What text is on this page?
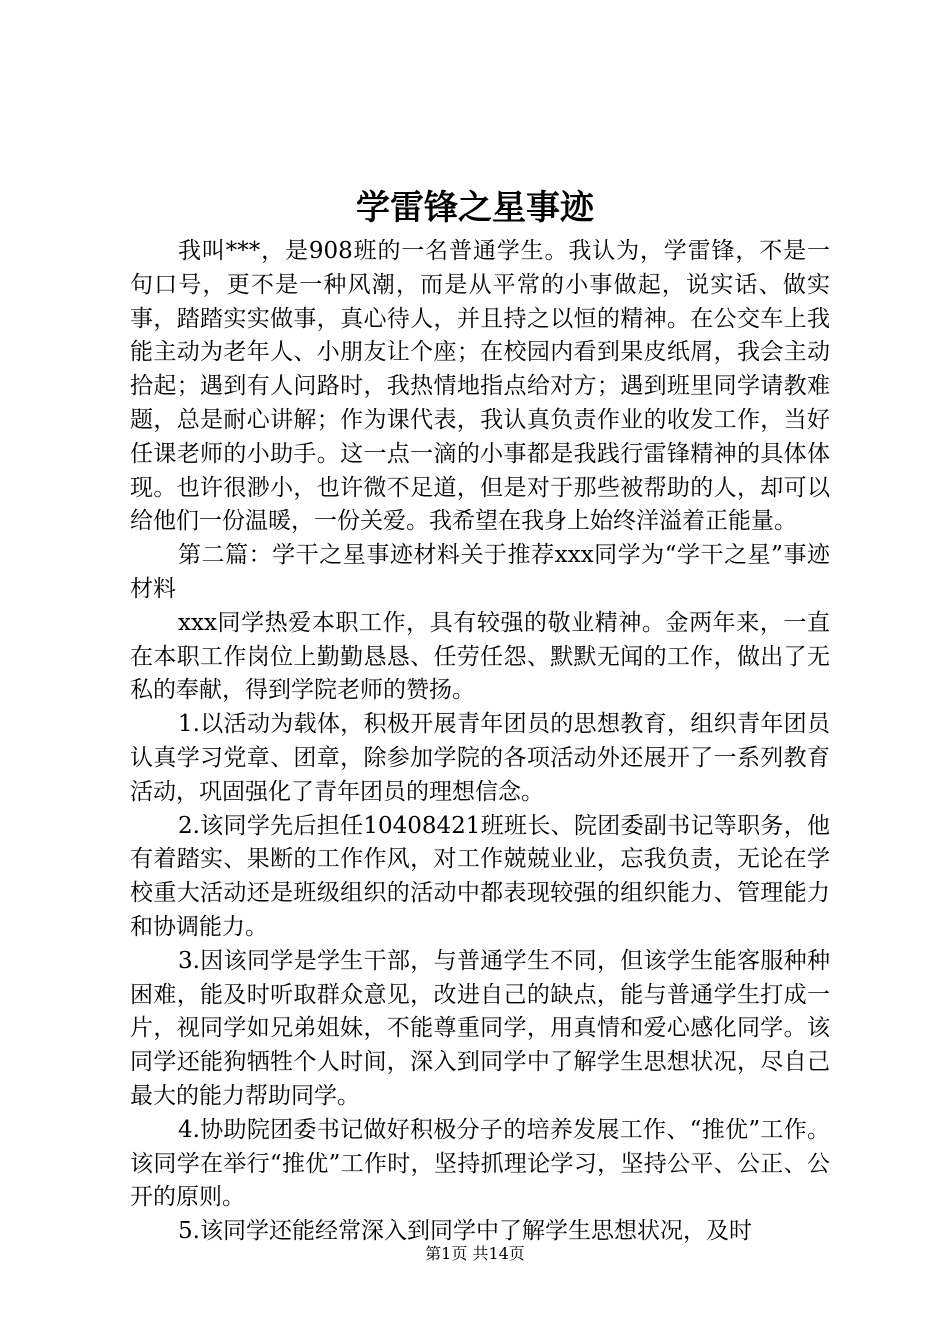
学雷锋之星事迹

我叫***，是908班的一名普通学生。我认为，学雷锋，不是一句口号，更不是一种风潮，而是从平常的小事做起，说实话、做实事，踏踏实实做事，真心待人，并且持之以恒的精神。在公交车上我能主动为老年人、小朋友让个座；在校园内看到果皮纸屑，我会主动拾起；遇到有人问路时，我热情地指点给对方；遇到班里同学请教难题，总是耐心讲解；作为课代表，我认真负责作业的收发工作，当好任课老师的小助手。这一点一滴的小事都是我践行雷锋精神的具体体现。也许很渺小，也许微不足道，但是对于那些被帮助的人，却可以给他们一份温暖，一份关爱。我希望在我身上始终洋溢着正能量。

第二篇：学干之星事迹材料关于推荐xxx同学为“学干之星”事迹材料

xxx同学热爱本职工作，具有较强的敬业精神。金两年来，一直在本职工作岗位上勤勤恳恳、任劳任怨、默默无闻的工作，做出了无私的奉献，得到学院老师的赞扬。

1.以活动为载体，积极开展青年团员的思想教育，组织青年团员认真学习党章、团章，除参加学院的各项活动外还展开了一系列教育活动，巩固强化了青年团员的理想信念。

2.该同学先后担任10408421班班长、院团委副书记等职务，他有着踏实、果断的工作作风，对工作兢兢业业，忘我负责，无论在学校重大活动还是班级组织的活动中都表现较强的组织能力、管理能力和协调能力。

3.因该同学是学生干部，与普通学生不同，但该学生能客服种种困难，能及时听取群众意见，改进自己的缺点，能与普通学生打成一片，视同学如兄弟姐妹，不能尊重同学，用真情和爱心感化同学。该同学还能狗牺牲个人时间，深入到同学中了解学生思想状况，尽自己最大的能力帮助同学。

4.协助院团委书记做好积极分子的培养发展工作、“推优”工作。该同学在举行“推优”工作时，坚持抓理论学习，坚持公平、公正、公开的原则。

5.该同学还能经常深入到同学中了解学生思想状况，及时

第1页 共14页
